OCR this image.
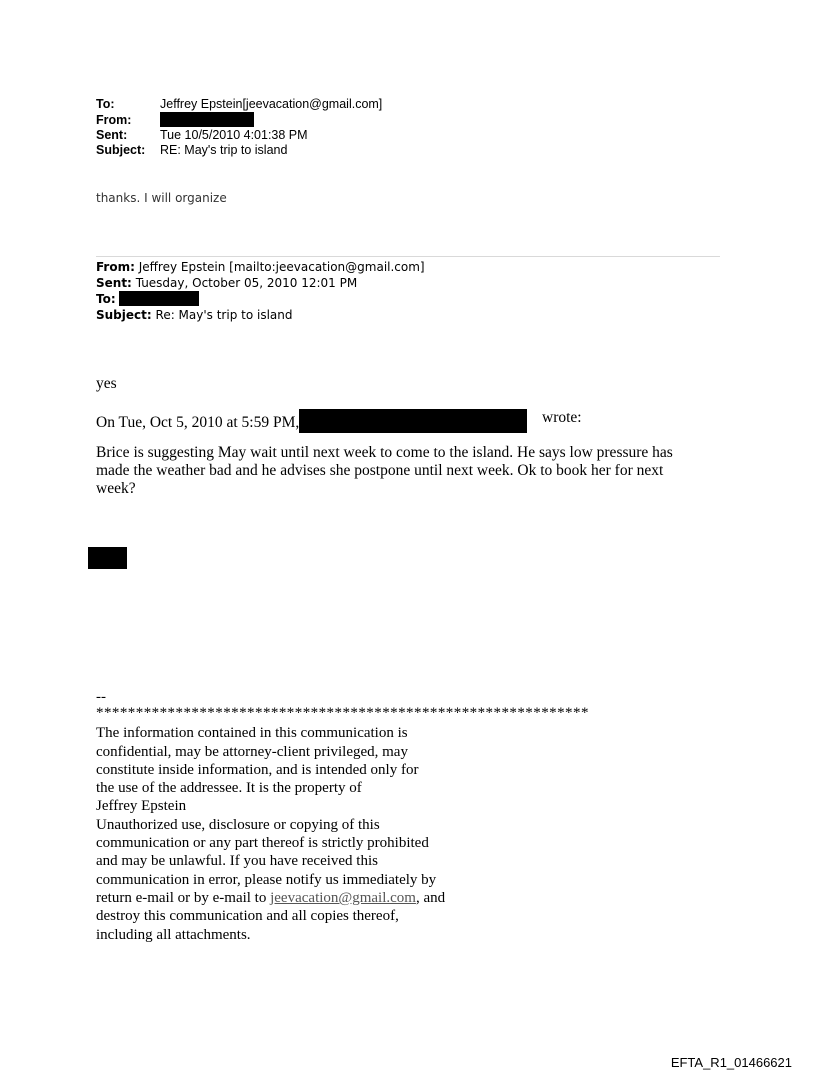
To:	Jeffrey Epstein[jeevacation@gmail.com]
From:
Sent:	Tue 10/5/2010 4:01:38 PM
Subject: RE: May's trip to island
thanks. I will organize
From: Jeffrey Epstein [mailto:jeevacation@gmail.com]
Sent: Tuesday, October 05, 2010 12:01 PM
To:
Subject: Re: May's trip to island
yes
On Tue, Oct 5, 2010 at 5:59 PM,	wrote:
Brice is suggesting May wait until next week to come to the island. He says low pressure has
made the weather bad and he advises she postpone until next week. Ok to book her for next
week?
--
**************************************************************
The information contained in this communication is
confidential, may be attorney-client privileged, may
constitute inside information, and is intended only for
the use of the addressee. It is the property of
Jeffrey Epstein
Unauthorized use, disclosure or copying of this
communication or any part thereof is strictly prohibited
and may be unlawful. If you have received this
communication in error, please notify us immediately by
return e-mail or by e-mail to jeevacation@gmail.com, and
destroy this communication and all copies thereof,
including all attachments.
EFTA_R1_01466621
